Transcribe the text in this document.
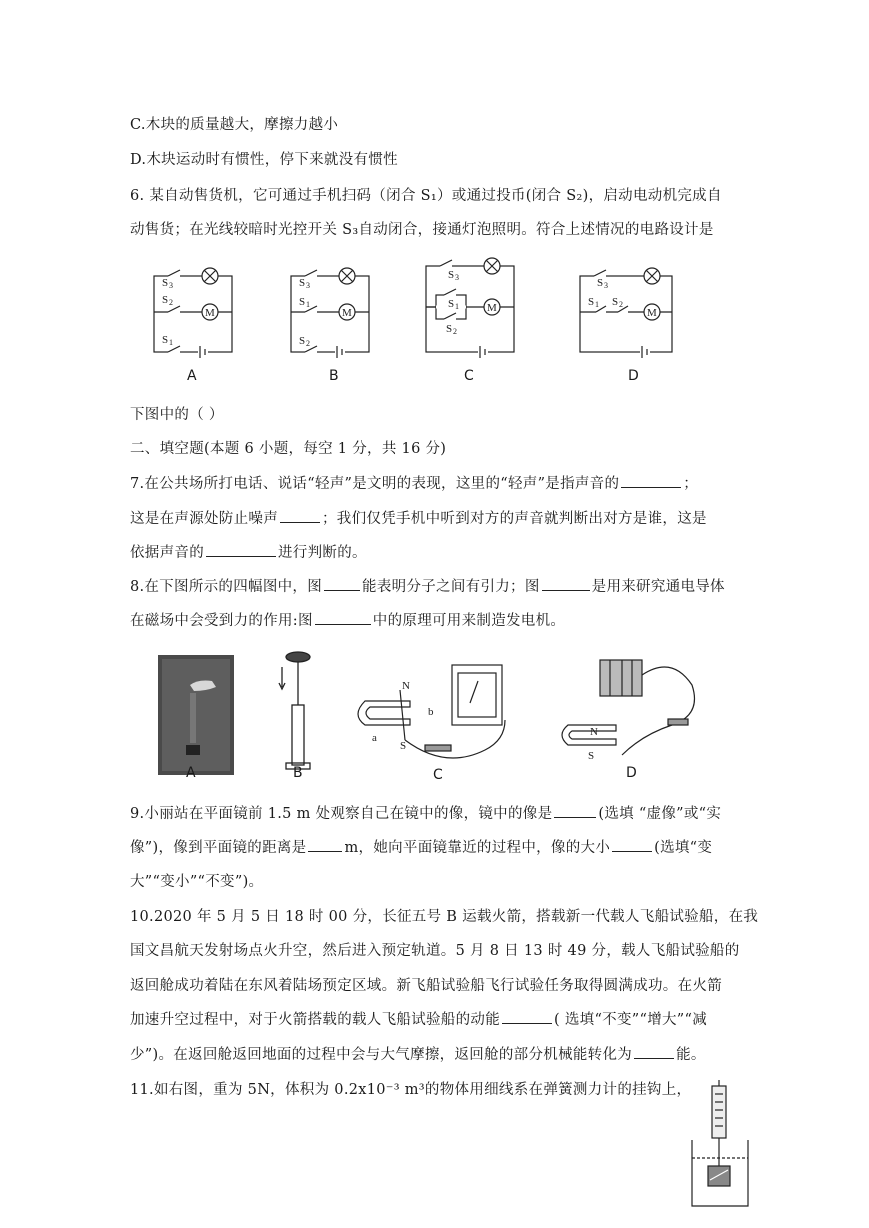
C.木块的质量越大，摩擦力越小
D.木块运动时有惯性，停下来就没有惯性
6. 某自动售货机，它可通过手机扫码（闭合 S₁）或通过投币(闭合 S₂)，启动电动机完成自
动售货；在光线较暗时光控开关 S₃自动闭合，接通灯泡照明。符合上述情况的电路设计是
S 3
S 2
S 1
M
S 3
S 1
S 2
M
S 3
S 1
S 2
M
S 3
S 1 S 2
M
A	B	C	D
下图中的（ ）
二、填空题(本题 6 小题，每空 1 分，共 16 分)
7.在公共场所打电话、说话“轻声”是文明的表现，这里的“轻声”是指声音的	；
这是在声源处防止噪声	；我们仅凭手机中听到对方的声音就判断出对方是谁，这是
依据声音的	进行判断的。
8.在下图所示的四幅图中，图	能表明分子之间有引力；图	是用来研究通电导体
在磁场中会受到力的作用:图	中的原理可用来制造发电机。
N
S
b
a	N
S
A	B	C	D
9.小丽站在平面镜前 1.5 m 处观察自己在镜中的像，镜中的像是	(选填 “虚像”或“实
像”)，像到平面镜的距离是	m，她向平面镜靠近的过程中，像的大小	(选填“变
大”“变小”“不变”)。
10.2020 年 5 月 5 日 18 时 00 分，长征五号 B 运载火箭，搭载新一代载人飞船试验船，在我
国文昌航天发射场点火升空，然后进入预定轨道。5 月 8 日 13 时 49 分，载人飞船试验船的
返回舱成功着陆在东风着陆场预定区域。新飞船试验船飞行试验任务取得圆满成功。在火箭
加速升空过程中，对于火箭搭载的载人飞船试验船的动能	( 选填“不变”“增大”“减
少”)。在返回舱返回地面的过程中会与大气摩擦，返回舱的部分机械能转化为	能。
11.如右图，重为 5N，体积为 0.2x10⁻³ m³的物体用细线系在弹簧测力计的挂钩上，
